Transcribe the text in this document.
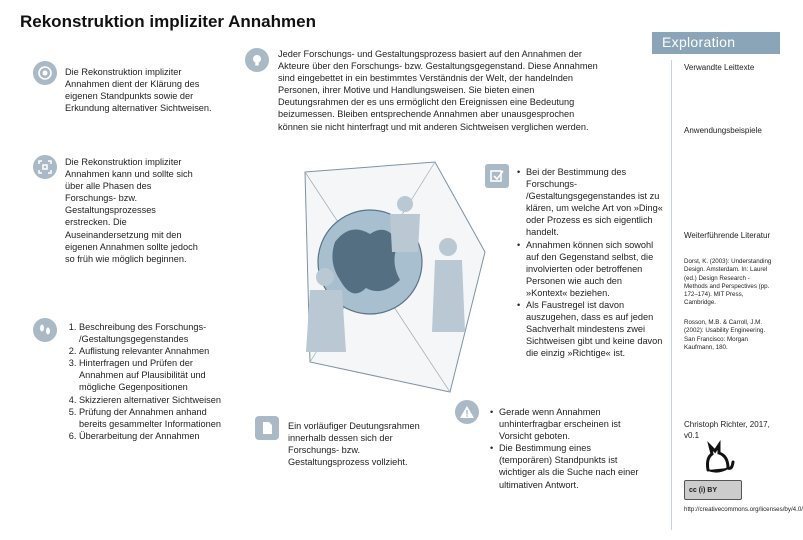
Rekonstruktion impliziter Annahmen
Exploration
Die Rekonstruktion impliziter Annahmen dient der Klärung des eigenen Standpunkts sowie der Erkundung alternativer Sichtweisen.
Die Rekonstruktion impliziter Annahmen kann und sollte sich über alle Phasen des Forschungs- bzw. Gestaltungsprozesses erstrecken. Die Auseinandersetzung mit den eigenen Annahmen sollte jedoch so früh wie möglich beginnen.
1. Beschreibung des Forschungs- /Gestaltungsgegenstandes
2. Auflistung relevanter Annahmen
3. Hinterfragen und Prüfen der Annahmen auf Plausibilität und mögliche Gegenpositionen
4. Skizzieren alternativer Sichtweisen
5. Prüfung der Annahmen anhand bereits gesammelter Informationen
6. Überarbeitung der Annahmen
Jeder Forschungs- und Gestaltungsprozess basiert auf den Annahmen der Akteure über den Forschungs- bzw. Gestaltungsgegenstand. Diese Annahmen sind eingebettet in ein bestimmtes Verständnis der Welt, der handelnden Personen, ihrer Motive und Handlungsweisen. Sie bieten einen Deutungsrahmen der es uns ermöglicht den Ereignissen eine Bedeutung beizumessen. Bleiben entsprechende Annahmen aber unausgesprochen können sie nicht hinterfragt und mit anderen Sichtweisen verglichen werden.
Ein vorläufiger Deutungsrahmen innerhalb dessen sich der Forschungs- bzw. Gestaltungsprozess vollzieht.
• Bei der Bestimmung des Forschungs- /Gestaltungsgegenstandes ist zu klären, um welche Art von »Ding« oder Prozess es sich eigentlich handelt.
• Annahmen können sich sowohl auf den Gegenstand selbst, die involvierten oder betroffenen Personen wie auch den »Kontext« beziehen.
• Als Faustregel ist davon auszugehen, dass es auf jeden Sachverhalt mindestens zwei Sichtweisen gibt und keine davon die einzig »Richtige« ist.
• Gerade wenn Annahmen unhinterfragbar erscheinen ist Vorsicht geboten.
• Die Bestimmung eines (temporären) Standpunkts ist wichtiger als die Suche nach einer ultimativen Antwort.
Verwandte Leittexte
Anwendungsbeispiele
Weiterführende Literatur
Dorst, K. (2003): Understanding Design. Amsterdam. In: Laurel (ed.) Design Research - Methods and Perspectives (pp. 172–174). MIT Press, Cambridge.
Rosson, M.B. & Carroll, J.M. (2002): Usability Engineering. San Francisco: Morgan Kaufmann, 180.
Christoph Richter, 2017, v0.1
cc (i) BY
http://creativecommons.org/licenses/by/4.0/
